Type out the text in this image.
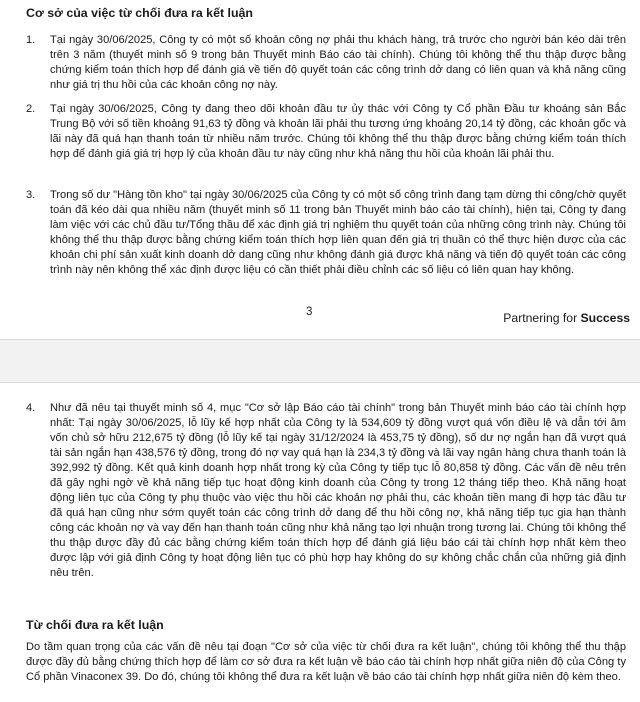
Cơ sở của việc từ chối đưa ra kết luận
1.	Tại ngày 30/06/2025, Công ty có một số khoản công nợ phải thu khách hàng, trả trước cho người bán kéo dài trên trên 3 năm (thuyết minh số 9 trong bản Thuyết minh Báo cáo tài chính). Chúng tôi không thể thu thập được bằng chứng kiểm toán thích hợp để đánh giá về tiến độ quyết toán các công trình dở dang có liên quan và khả năng cũng như giá trị thu hồi của các khoản công nợ này.
2.	Tại ngày 30/06/2025, Công ty đang theo dõi khoản đầu tư ủy thác với Công ty Cổ phần Đầu tư khoáng sản Bắc Trung Bộ với số tiền khoảng 91,63 tỷ đồng và khoản lãi phải thu tương ứng khoảng 20,14 tỷ đồng, các khoản gốc và lãi này đã quá hạn thanh toán từ nhiều năm trước. Chúng tôi không thể thu thập được bằng chứng kiểm toán thích hợp để đánh giá giá trị hợp lý của khoản đầu tư này cũng như khả năng thu hồi của khoản lãi phải thu.
3.	Trong số dư "Hàng tồn kho" tại ngày 30/06/2025 của Công ty có một số công trình đang tạm dừng thi công/chờ quyết toán đã kéo dài qua nhiều năm (thuyết minh số 11 trong bản Thuyết minh báo cáo tài chính), hiện tại, Công ty đang làm việc với các chủ đầu tư/Tổng thầu để xác định giá trị nghiệm thu quyết toán của những công trình này. Chúng tôi không thể thu thập được bằng chứng kiểm toán thích hợp liên quan đến giá trị thuần có thể thực hiện được của các khoản chi phí sản xuất kinh doanh dở dang cũng như không đánh giá được khả năng và tiến độ quyết toán các công trình này nên không thể xác định được liệu có cần thiết phải điều chỉnh các số liệu có liên quan hay không.
3	Partnering for Success
4.	Như đã nêu tại thuyết minh số 4, mục "Cơ sở lập Báo cáo tài chính" trong bản Thuyết minh báo cáo tài chính hợp nhất: Tại ngày 30/06/2025, lỗ lũy kế hợp nhất của Công ty là 534,609 tỷ đồng vượt quá vốn điều lệ và dẫn tới âm vốn chủ sở hữu 212,675 tỷ đồng (lỗ lũy kế tại ngày 31/12/2024 là 453,75 tỷ đồng), số dư nợ ngắn hạn đã vượt quá tài sản ngắn hạn 438,576 tỷ đồng, trong đó nợ vay quá hạn là 234,3 tỷ đồng và lãi vay ngân hàng chưa thanh toán là 392,992 tỷ đồng. Kết quả kinh doanh hợp nhất trong kỳ của Công ty tiếp tục lỗ 80,858 tỷ đồng. Các vấn đề nêu trên đã gây nghi ngờ về khả năng tiếp tục hoạt động kinh doanh của Công ty trong 12 tháng tiếp theo. Khả năng hoạt động liên tục của Công ty phụ thuộc vào việc thu hồi các khoản nợ phải thu, các khoản tiền mang đi hợp tác đầu tư đã quá hạn cũng như sớm quyết toán các công trình dở dang để thu hồi công nợ, khả năng tiếp tục gia hạn thành công các khoản nợ và vay đến hạn thanh toán cũng như khả năng tạo lợi nhuận trong tương lai. Chúng tôi không thể thu thập được đầy đủ các bằng chứng kiểm toán thích hợp để đánh giá liệu báo cái tài chính hợp nhất kèm theo được lập với giả định Công ty hoạt động liên tục có phù hợp hay không do sự không chắc chắn của những giả định nêu trên.
Từ chối đưa ra kết luận
Do tầm quan trọng của các vấn đề nêu tại đoạn "Cơ sở của việc từ chối đưa ra kết luận", chúng tôi không thể thu thập được đầy đủ bằng chứng thích hợp để làm cơ sở đưa ra kết luận về báo cáo tài chính hợp nhất giữa niên độ của Công ty Cổ phần Vinaconex 39. Do đó, chúng tôi không thể đưa ra kết luận về báo cáo tài chính hợp nhất giữa niên độ kèm theo.
